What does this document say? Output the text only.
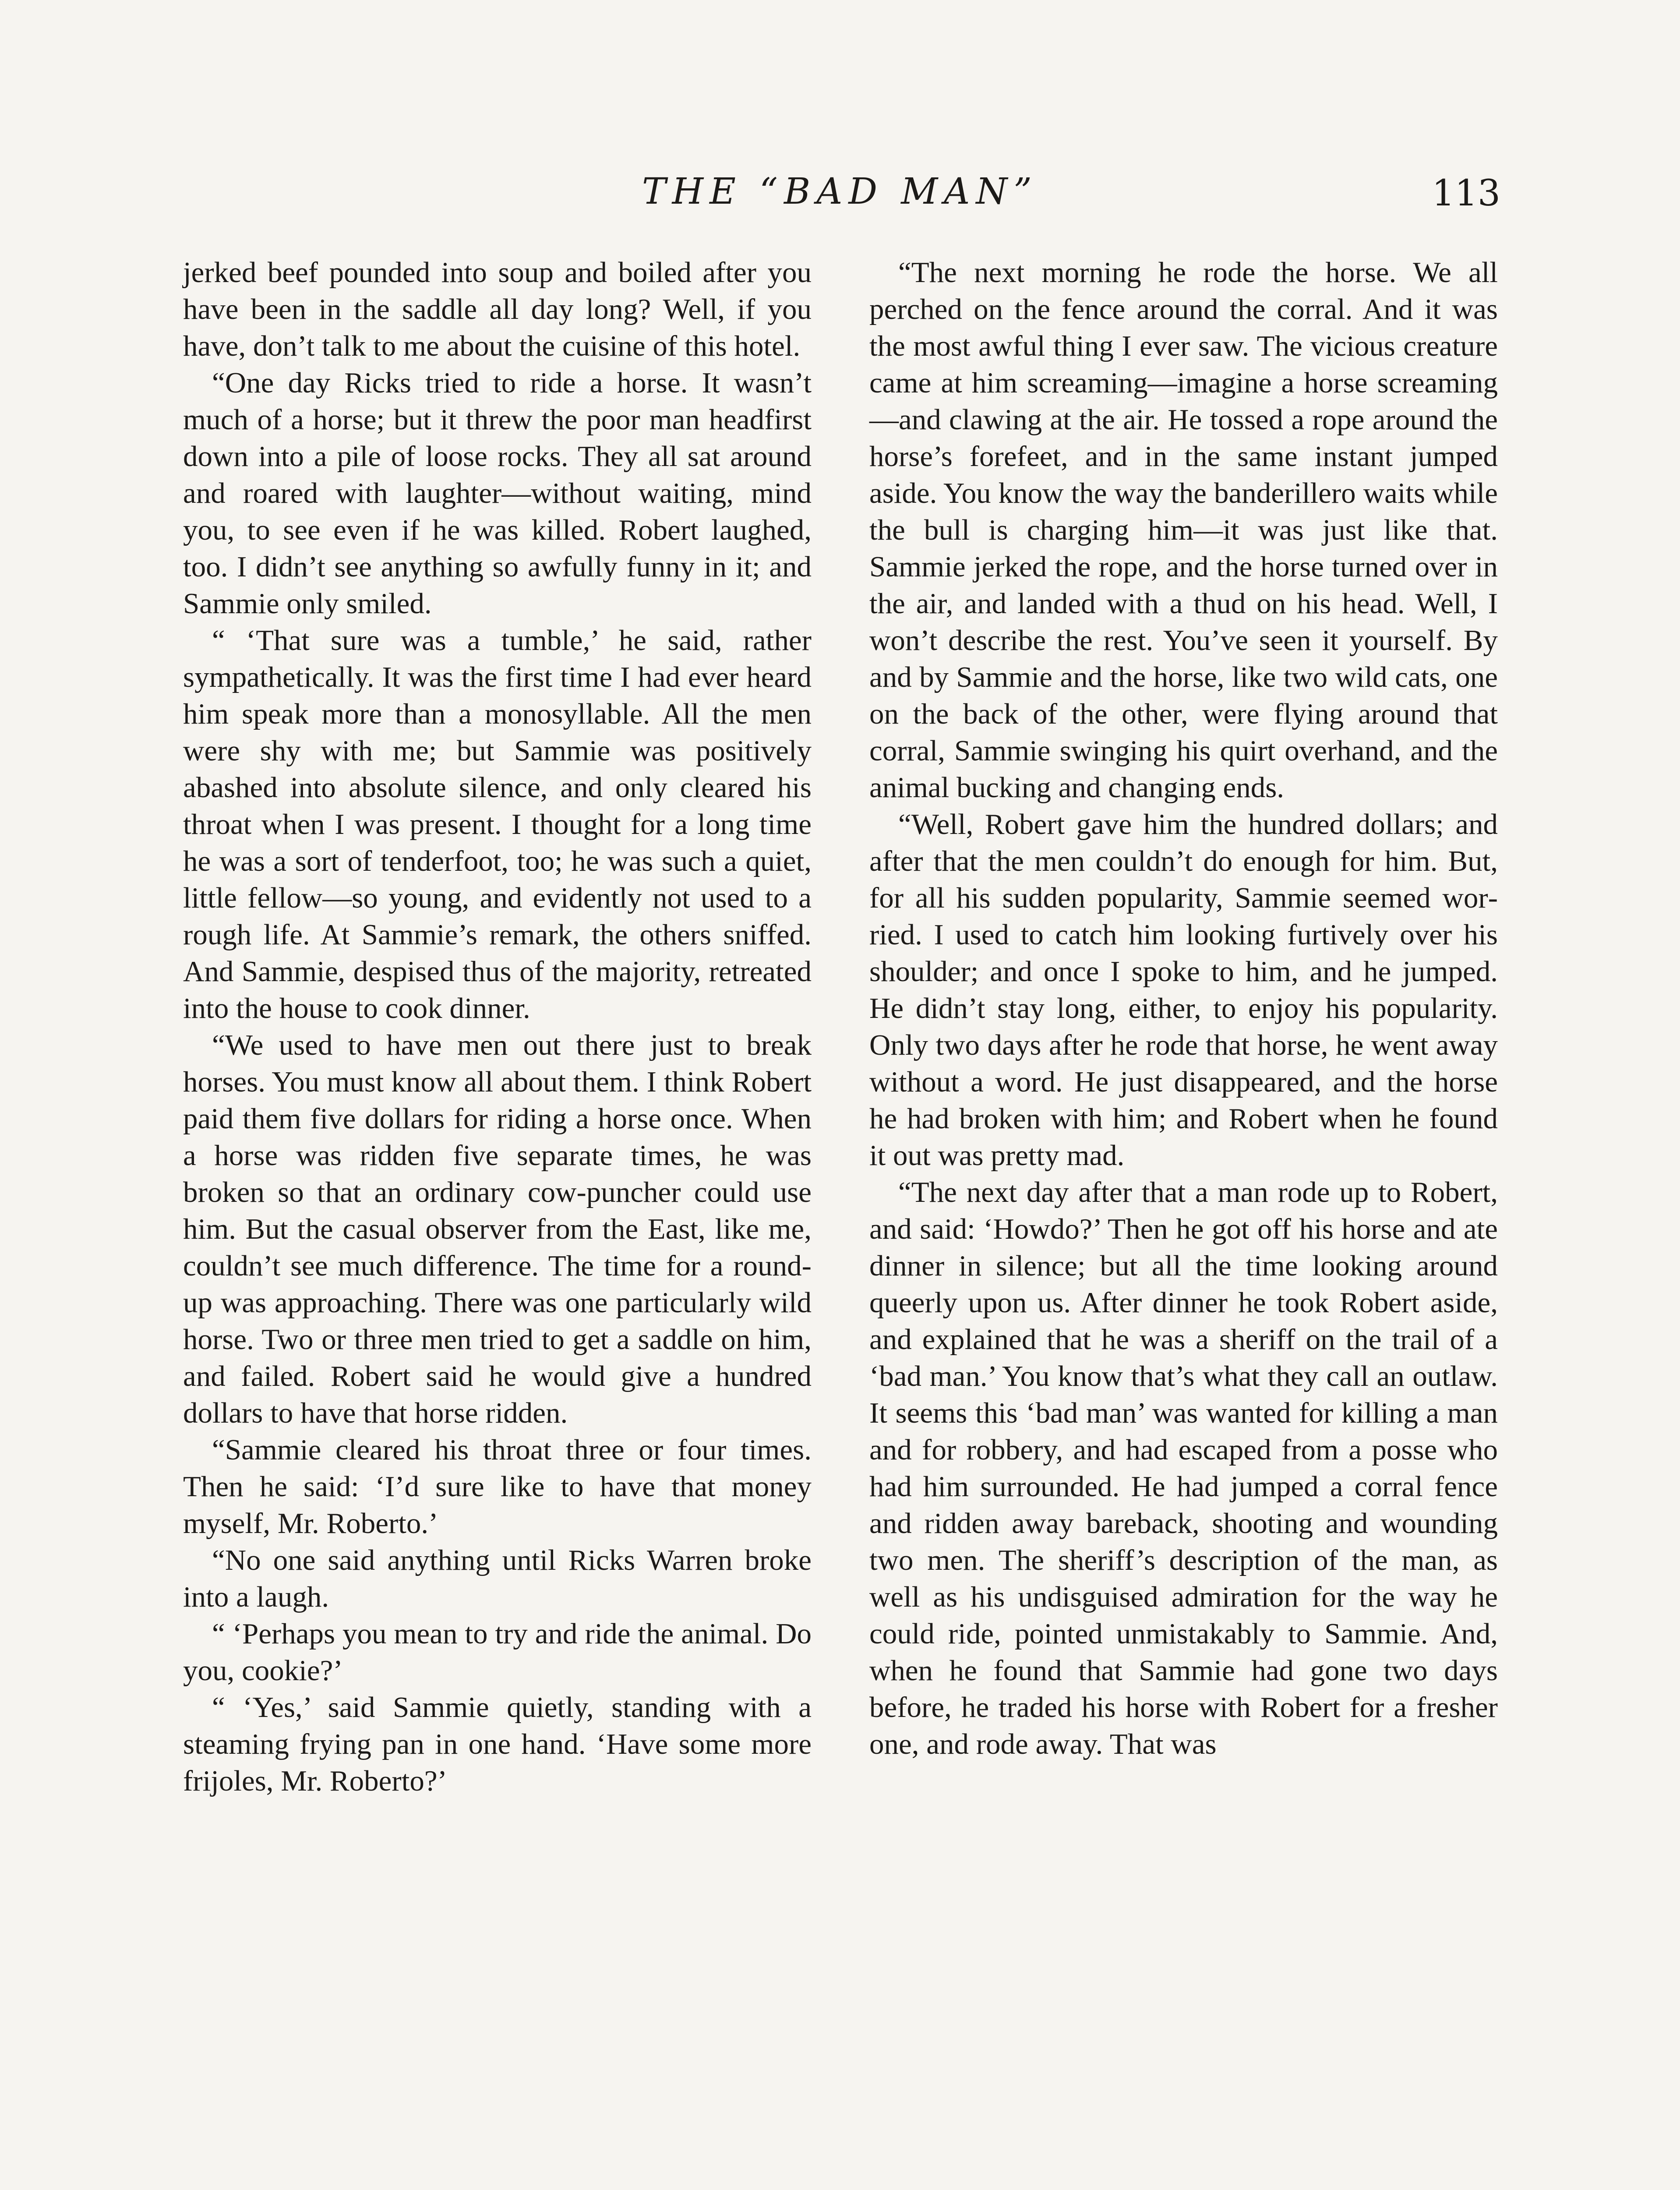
THE “BAD MAN”	113

jerked beef pounded into soup and boiled after you have been in the saddle all day long? Well, if you have, don’t talk to me about the cuisine of this hotel.

“One day Ricks tried to ride a horse. It wasn’t much of a horse; but it threw the poor man headfirst down into a pile of loose rocks. They all sat around and roared with laughter—without waiting, mind you, to see even if he was killed. Robert laughed, too. I didn’t see anything so awfully funny in it; and Sammie only smiled.

“ ‘That sure was a tumble,’ he said, rather sympathetically. It was the first time I had ever heard him speak more than a monosyllable. All the men were shy with me; but Sammie was positively abashed into absolute silence, and only cleared his throat when I was present. I thought for a long time he was a sort of tenderfoot, too; he was such a quiet, little fellow—so young, and evidently not used to a rough life. At Sammie’s remark, the others sniffed. And Sammie, despised thus of the majority, retreated into the house to cook dinner.

“We used to have men out there just to break horses. You must know all about them. I think Robert paid them five dollars for riding a horse once. When a horse was ridden five separate times, he was broken so that an ordinary cow-puncher could use him. But the casual observer from the East, like me, couldn’t see much difference. The time for a round-up was approaching. There was one particularly wild horse. Two or three men tried to get a saddle on him, and failed. Robert said he would give a hundred dollars to have that horse ridden.

“Sammie cleared his throat three or four times. Then he said: ‘I’d sure like to have that money myself, Mr. Roberto.’

“No one said anything until Ricks Warren broke into a laugh.

“ ‘Perhaps you mean to try and ride the animal. Do you, cookie?’

“ ‘Yes,’ said Sammie quietly, standing with a steaming frying pan in one hand. ‘Have some more frijoles, Mr. Roberto?’

“The next morning he rode the horse. We all perched on the fence around the corral. And it was the most awful thing I ever saw. The vicious creature came at him screaming—imagine a horse screaming—and clawing at the air. He tossed a rope around the horse’s forefeet, and in the same instant jumped aside. You know the way the banderillero waits while the bull is charging him—it was just like that. Sammie jerked the rope, and the horse turned over in the air, and landed with a thud on his head. Well, I won’t describe the rest. You’ve seen it yourself. By and by Sammie and the horse, like two wild cats, one on the back of the other, were flying around that corral, Sammie swinging his quirt overhand, and the animal bucking and changing ends.

“Well, Robert gave him the hundred dollars; and after that the men couldn’t do enough for him. But, for all his sudden popularity, Sammie seemed worried. I used to catch him looking furtively over his shoulder; and once I spoke to him, and he jumped. He didn’t stay long, either, to enjoy his popularity. Only two days after he rode that horse, he went away without a word. He just disappeared, and the horse he had broken with him; and Robert when he found it out was pretty mad.

“The next day after that a man rode up to Robert, and said: ‘Howdo?’ Then he got off his horse and ate dinner in silence; but all the time looking around queerly upon us. After dinner he took Robert aside, and explained that he was a sheriff on the trail of a ‘bad man.’ You know that’s what they call an outlaw. It seems this ‘bad man’ was wanted for killing a man and for robbery, and had escaped from a posse who had him surrounded. He had jumped a corral fence and ridden away bareback, shooting and wounding two men. The sheriff’s description of the man, as well as his undisguised admiration for the way he could ride, pointed unmistakably to Sammie. And, when he found that Sammie had gone two days before, he traded his horse with Robert for a fresher one, and rode away. That was
